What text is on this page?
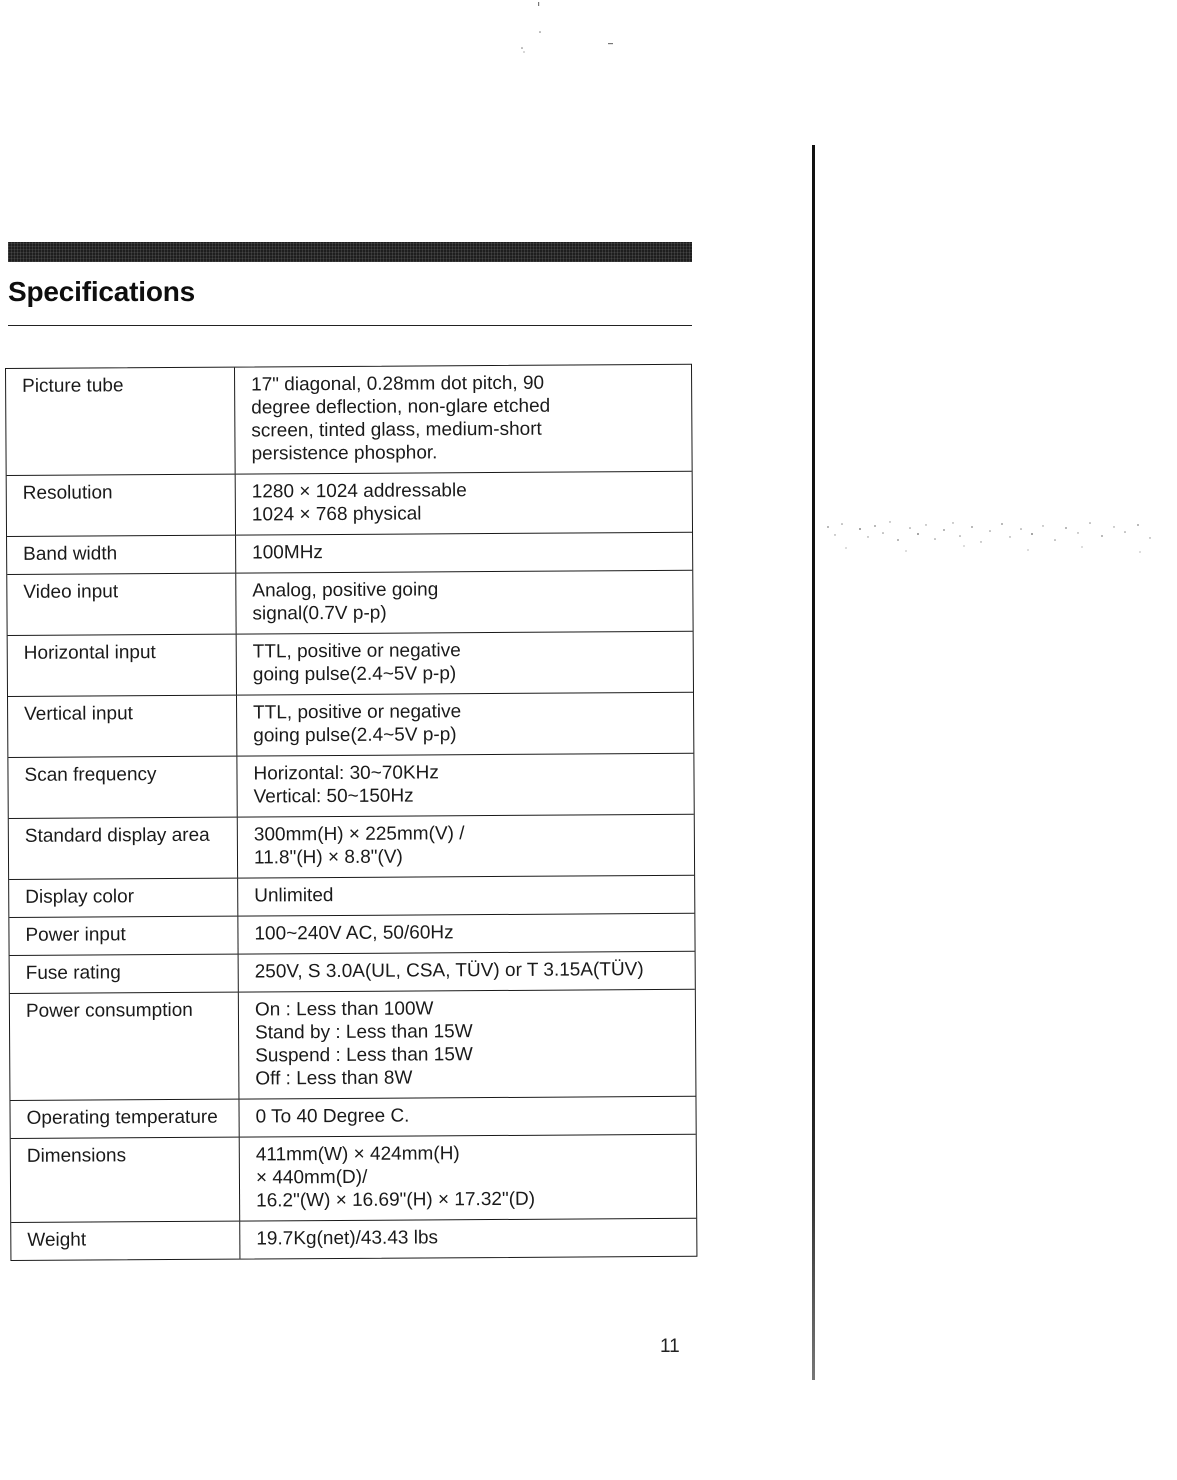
Specifications
Picture tube	17" diagonal, 0.28mm dot pitch, 90
degree deflection, non-glare etched
screen, tinted glass, medium-short
persistence phosphor.
Resolution	1280 × 1024 addressable
1024 × 768 physical
Band width	100MHz
Video input	Analog, positive going
signal(0.7V p-p)
Horizontal input	TTL, positive or negative
going pulse(2.4~5V p-p)
Vertical input	TTL, positive or negative
going pulse(2.4~5V p-p)
Scan frequency	Horizontal: 30~70KHz
Vertical: 50~150Hz
Standard display area	300mm(H) × 225mm(V) /
11.8"(H) × 8.8"(V)
Display color	Unlimited
Power input	100~240V AC, 50/60Hz
Fuse rating	250V, S 3.0A(UL, CSA, TÜV) or T 3.15A(TÜV)
Power consumption	On : Less than 100W
Stand by : Less than 15W
Suspend : Less than 15W
Off : Less than 8W
Operating temperature	0 To 40 Degree C.
Dimensions	411mm(W) × 424mm(H)
× 440mm(D)/
16.2"(W) × 16.69"(H) × 17.32"(D)
Weight	19.7Kg(net)/43.43 lbs
11
